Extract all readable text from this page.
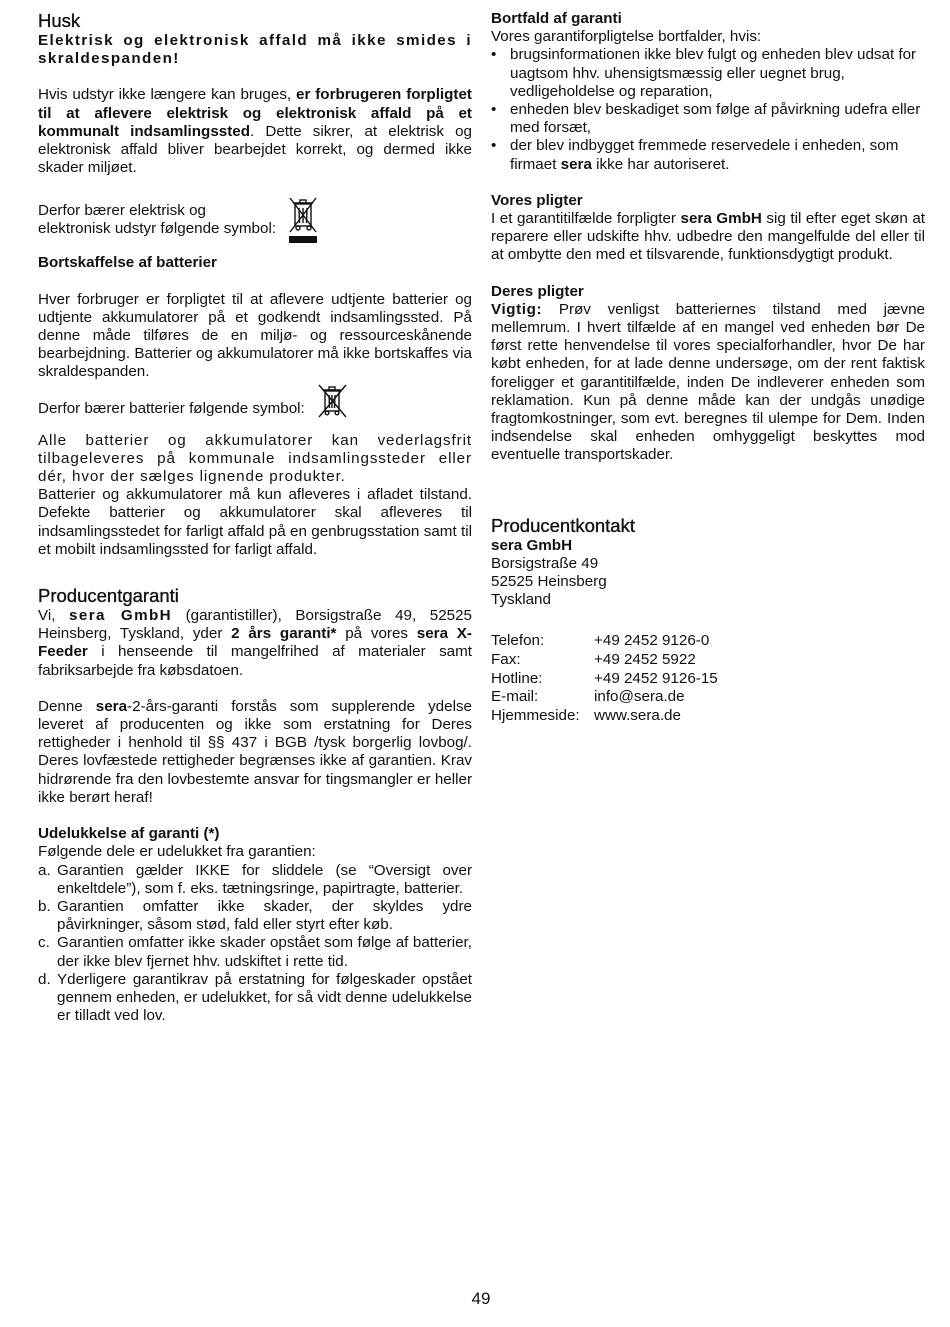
Husk

Elektrisk og elektronisk affald må ikke smides i skraldespanden!

Hvis udstyr ikke længere kan bruges, er forbrugeren forpligtet til at aflevere elektrisk og elektronisk affald på et kommunalt indsamlingssted. Dette sikrer, at elektrisk og elektronisk affald bliver bearbejdet korrekt, og dermed ikke skader miljøet.

Derfor bærer elektrisk og
elektronisk udstyr følgende symbol:

Bortskaffelse af batterier

Hver forbruger er forpligtet til at aflevere udtjente batterier og udtjente akkumulatorer på et godkendt indsamlingssted. På denne måde tilføres de en miljø- og ressourceskånende bearbejdning. Batterier og akkumulatorer må ikke bortskaffes via skraldespanden.

Derfor bærer batterier følgende symbol:

Alle batterier og akkumulatorer kan vederlagsfrit tilbageleveres på kommunale indsamlingssteder eller dér, hvor der sælges lignende produkter.

Batterier og akkumulatorer må kun afleveres i afladet tilstand. Defekte batterier og akkumulatorer skal afleveres til indsamlingsstedet for farligt affald på en genbrugsstation samt til et mobilt indsamlingssted for farligt affald.

Producentgaranti

Vi, sera GmbH (garantistiller), Borsigstraße 49, 52525 Heinsberg, Tyskland, yder 2 års garanti* på vores sera X-Feeder i henseende til mangelfrihed af materialer samt fabriksarbejde fra købsdatoen.

Denne sera-2-års-garanti forstås som supplerende ydelse leveret af producenten og ikke som erstatning for Deres rettigheder i henhold til §§ 437 i BGB /tysk borgerlig lovbog/. Deres lovfæstede rettigheder begrænses ikke af garantien. Krav hidrørende fra den lovbestemte ansvar for tingsmangler er heller ikke berørt heraf!

Udelukkelse af garanti (*)

Følgende dele er udelukket fra garantien:

a. Garantien gælder IKKE for sliddele (se “Oversigt over enkeltdele”), som f. eks. tætningsringe, papirtragte, batterier.
b. Garantien omfatter ikke skader, der skyldes ydre påvirkninger, såsom stød, fald eller styrt efter køb.
c. Garantien omfatter ikke skader opstået som følge af batterier, der ikke blev fjernet hhv. udskiftet i rette tid.
d. Yderligere garantikrav på erstatning for følgeskader opstået gennem enheden, er udelukket, for så vidt denne udelukkelse er tilladt ved lov.

Bortfald af garanti

Vores garantiforpligtelse bortfalder, hvis:

• brugsinformationen ikke blev fulgt og enheden blev udsat for uagtsom hhv. uhensigtsmæssig eller uegnet brug, vedligeholdelse og reparation,
• enheden blev beskadiget som følge af påvirkning udefra eller med forsæt,
• der blev indbygget fremmede reservedele i enheden, som firmaet sera ikke har autoriseret.

Vores pligter

I et garantitilfælde forpligter sera GmbH sig til efter eget skøn at reparere eller udskifte hhv. udbedre den mangelfulde del eller til at ombytte den med et tilsvarende, funktionsdygtigt produkt.

Deres pligter

Vigtig: Prøv venligst batteriernes tilstand med jævne mellemrum. I hvert tilfælde af en mangel ved enheden bør De først rette henvendelse til vores specialforhandler, hvor De har købt enheden, for at lade denne undersøge, om der rent faktisk foreligger et garantitilfælde, inden De indleverer enheden som reklamation. Kun på denne måde kan der undgås unødige fragtomkostninger, som evt. beregnes til ulempe for Dem. Inden indsendelse skal enheden omhyggeligt beskyttes mod eventuelle transportskader.

Producentkontakt

sera GmbH

Borsigstraße 49

52525 Heinsberg

Tyskland

Telefon:	+49 2452 9126-0
Fax:	+49 2452 5922
Hotline:	+49 2452 9126-15
E-mail:	info@sera.de
Hjemmeside:	www.sera.de
49
